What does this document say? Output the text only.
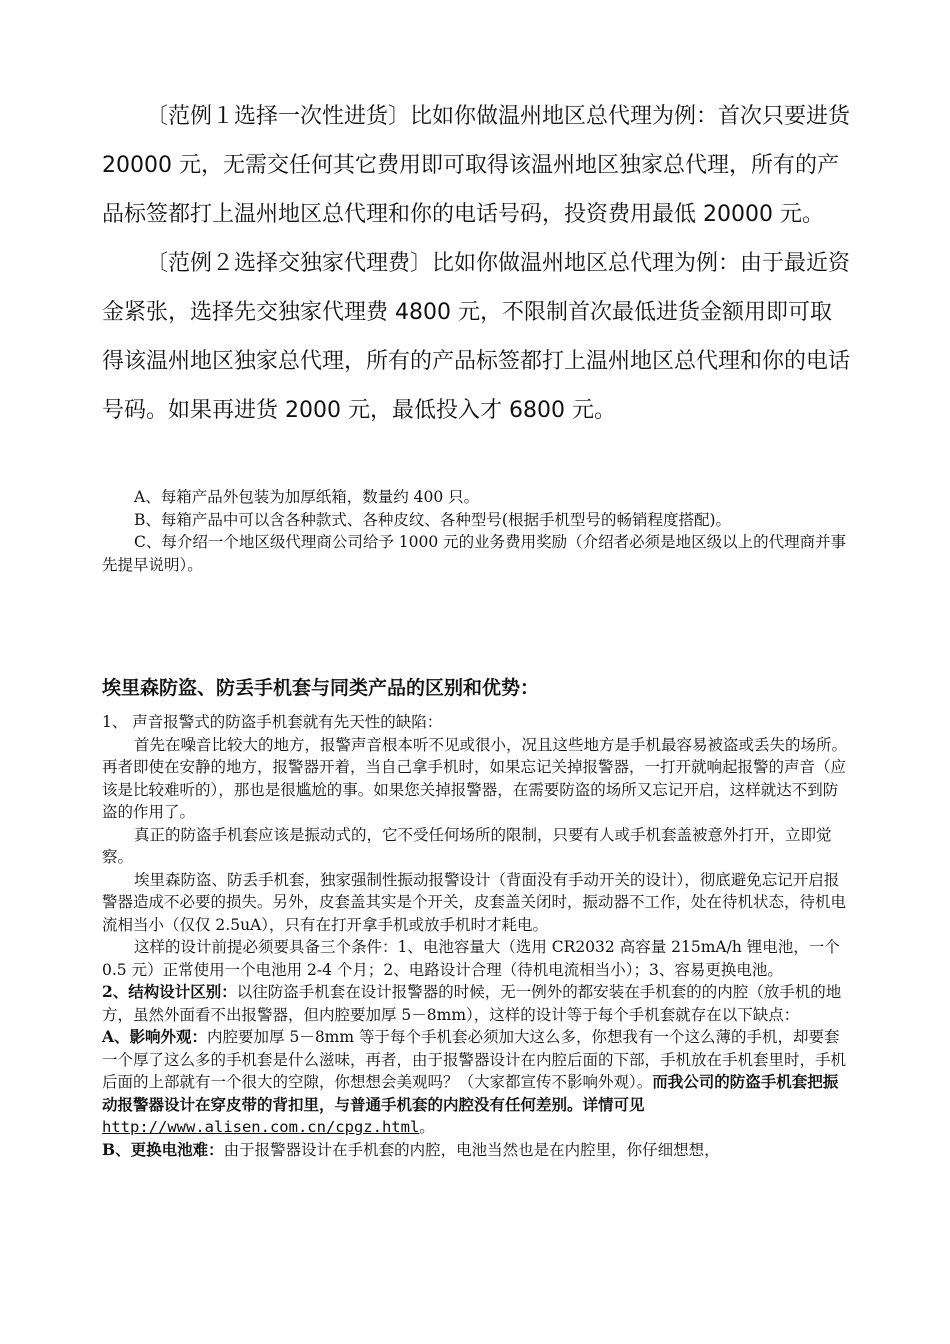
〔范例１选择一次性进货〕比如你做温州地区总代理为例：首次只要进货 20000 元，无需交任何其它费用即可取得该温州地区独家总代理，所有的产品标签都打上温州地区总代理和你的电话号码，投资费用最低 20000 元。

〔范例２选择交独家代理费〕比如你做温州地区总代理为例：由于最近资金紧张，选择先交独家代理费 4800 元，不限制首次最低进货金额用即可取得该温州地区独家总代理，所有的产品标签都打上温州地区总代理和你的电话号码。如果再进货 2000 元，最低投入才 6800 元。

A、每箱产品外包装为加厚纸箱，数量约 400 只。

B、每箱产品中可以含各种款式、各种皮纹、各种型号(根据手机型号的畅销程度搭配)。

C、每介绍一个地区级代理商公司给予 1000 元的业务费用奖励（介绍者必须是地区级以上的代理商并事先提早说明）。

埃里森防盗、防丢手机套与同类产品的区别和优势：

1、 声音报警式的防盗手机套就有先天性的缺陷：

首先在噪音比较大的地方，报警声音根本听不见或很小，况且这些地方是手机最容易被盗或丢失的场所。再者即使在安静的地方，报警器开着，当自己拿手机时，如果忘记关掉报警器，一打开就响起报警的声音（应该是比较难听的），那也是很尴尬的事。如果您关掉报警器，在需要防盗的场所又忘记开启，这样就达不到防盗的作用了。

真正的防盗手机套应该是振动式的，它不受任何场所的限制，只要有人或手机套盖被意外打开，立即觉察。

埃里森防盗、防丢手机套，独家强制性振动报警设计（背面没有手动开关的设计），彻底避免忘记开启报警器造成不必要的损失。另外，皮套盖其实是个开关，皮套盖关闭时，振动器不工作，处在待机状态，待机电流相当小（仅仅 2.5uA），只有在打开拿手机或放手机时才耗电。

这样的设计前提必须要具备三个条件：1、电池容量大（选用 CR2032 高容量 215mA/h 锂电池，一个 0.5 元）正常使用一个电池用 2-4 个月；2、电路设计合理（待机电流相当小）；3、容易更换电池。

2、结构设计区别：以往防盗手机套在设计报警器的时候，无一例外的都安装在手机套的的内腔（放手机的地方，虽然外面看不出报警器，但内腔要加厚 5－8mm），这样的设计等于每个手机套就存在以下缺点：

A、影响外观：内腔要加厚 5－8mm 等于每个手机套必须加大这么多，你想我有一个这么薄的手机，却要套一个厚了这么多的手机套是什么滋味，再者，由于报警器设计在内腔后面的下部，手机放在手机套里时，手机后面的上部就有一个很大的空隙，你想想会美观吗？（大家都宣传不影响外观）。而我公司的防盗手机套把振动报警器设计在穿皮带的背扣里，与普通手机套的内腔没有任何差别。详情可见http://www.alisen.com.cn/cpgz.html。

B、更换电池难：由于报警器设计在手机套的内腔，电池当然也是在内腔里，你仔细想想，
